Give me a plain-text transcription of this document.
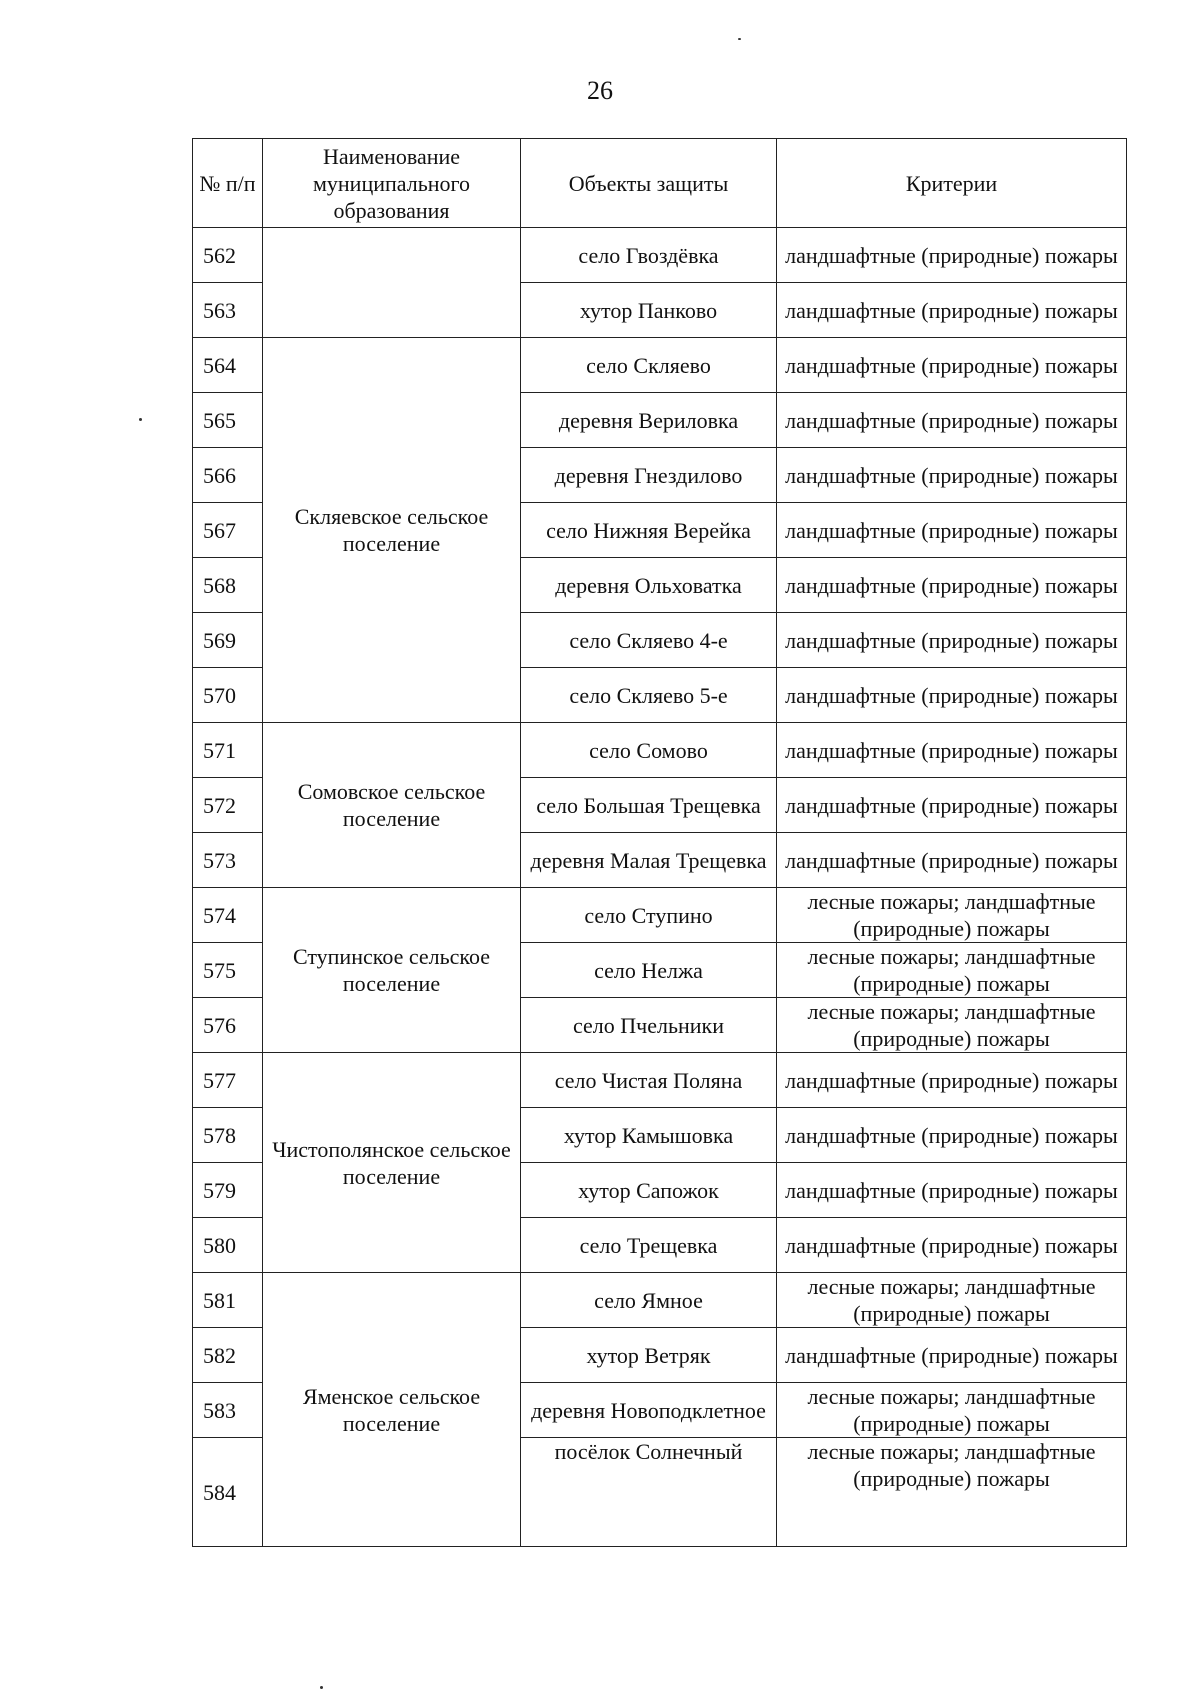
26
№ п/п	Наименование муниципального образования	Объекты защиты	Критерии
562		село Гвоздёвка	ландшафтные (природные) пожары
563		хутор Панково	ландшафтные (природные) пожары
564	Скляевское сельское поселение	село Скляево	ландшафтные (природные) пожары
565		деревня Вериловка	ландшафтные (природные) пожары
566		деревня Гнездилово	ландшафтные (природные) пожары
567		село Нижняя Верейка	ландшафтные (природные) пожары
568		деревня Ольховатка	ландшафтные (природные) пожары
569		село Скляево 4-е	ландшафтные (природные) пожары
570		село Скляево 5-е	ландшафтные (природные) пожары
571	Сомовское сельское поселение	село Сомово	ландшафтные (природные) пожары
572		село Большая Трещевка	ландшафтные (природные) пожары
573		деревня Малая Трещевка	ландшафтные (природные) пожары
574	Ступинское сельское поселение	село Ступино	лесные пожары; ландшафтные (природные) пожары
575		село Нелжа	лесные пожары; ландшафтные (природные) пожары
576		село Пчельники	лесные пожары; ландшафтные (природные) пожары
577	Чистополянское сельское поселение	село Чистая Поляна	ландшафтные (природные) пожары
578		хутор Камышовка	ландшафтные (природные) пожары
579		хутор Сапожок	ландшафтные (природные) пожары
580		село Трещевка	ландшафтные (природные) пожары
581	Яменское сельское поселение	село Ямное	лесные пожары; ландшафтные (природные) пожары
582		хутор Ветряк	ландшафтные (природные) пожары
583		деревня Новоподклетное	лесные пожары; ландшафтные (природные) пожары
584		посёлок Солнечный	лесные пожары; ландшафтные (природные) пожары
